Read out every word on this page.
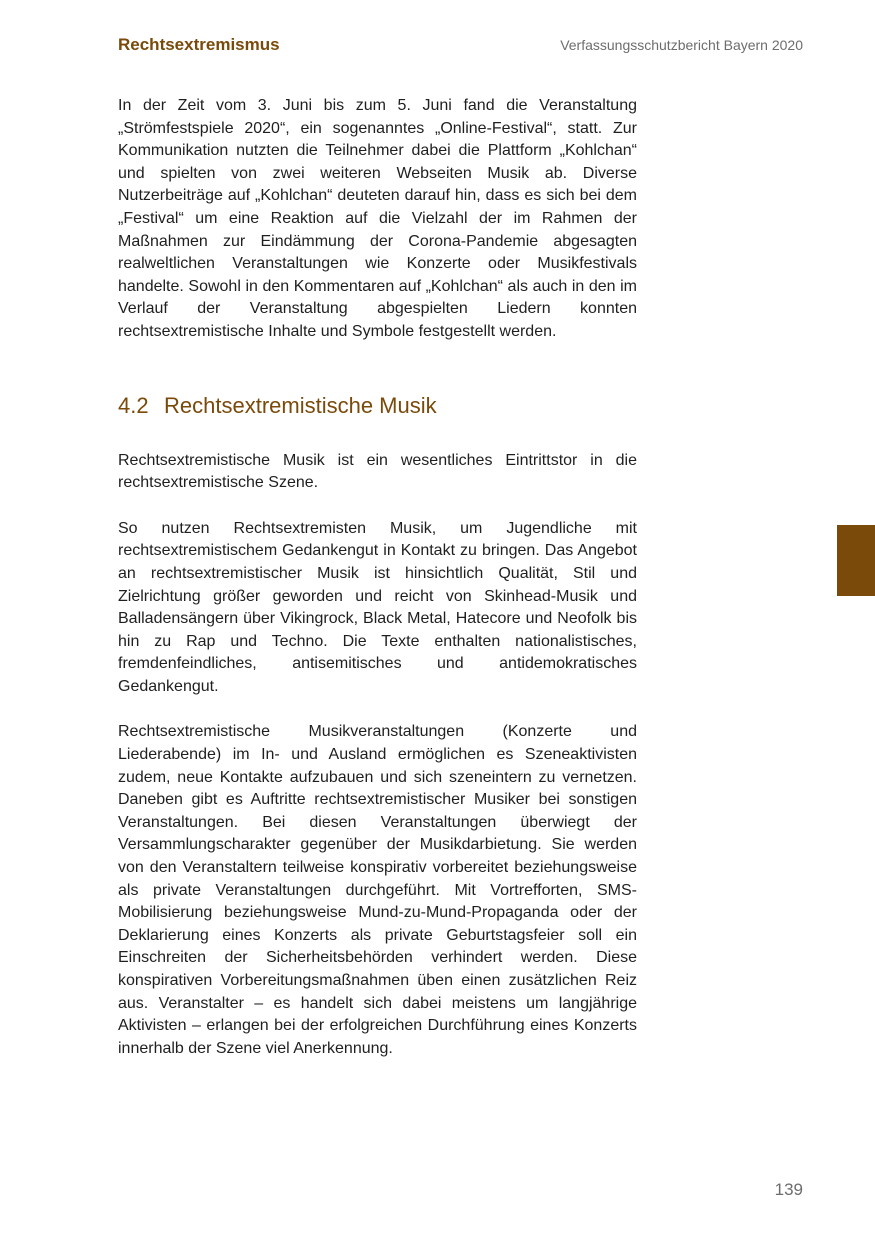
Rechtsextremismus	Verfassungsschutzbericht Bayern 2020

In der Zeit vom 3. Juni bis zum 5. Juni fand die Veranstaltung „Strömfestspiele 2020“, ein sogenanntes „Online-Festival“, statt. Zur Kommunikation nutzten die Teilnehmer dabei die Plattform „Kohlchan“ und spielten von zwei weiteren Webseiten Musik ab. Diverse Nutzerbeiträge auf „Kohlchan“ deuteten darauf hin, dass es sich bei dem „Festival“ um eine Reaktion auf die Vielzahl der im Rahmen der Maßnahmen zur Eindämmung der Corona-Pandemie abgesagten realweltlichen Veranstaltungen wie Konzerte oder Musikfestivals handelte. Sowohl in den Kommentaren auf „Kohlchan“ als auch in den im Verlauf der Veranstaltung abgespielten Liedern konnten rechtsextremistische Inhalte und Symbole festgestellt werden.

4.2 Rechtsextremistische Musik

Rechtsextremistische Musik ist ein wesentliches Eintrittstor in die rechtsextremistische Szene.

So nutzen Rechtsextremisten Musik, um Jugendliche mit rechtsextremistischem Gedankengut in Kontakt zu bringen. Das Angebot an rechtsextremistischer Musik ist hinsichtlich Qualität, Stil und Zielrichtung größer geworden und reicht von Skinhead-Musik und Balladensängern über Vikingrock, Black Metal, Hatecore und Neofolk bis hin zu Rap und Techno. Die Texte enthalten nationalistisches, fremdenfeindliches, antisemitisches und antidemokratisches Gedankengut.

Rechtsextremistische Musikveranstaltungen (Konzerte und Liederabende) im In- und Ausland ermöglichen es Szeneaktivisten zudem, neue Kontakte aufzubauen und sich szeneintern zu vernetzen. Daneben gibt es Auftritte rechtsextremistischer Musiker bei sonstigen Veranstaltungen. Bei diesen Veranstaltungen überwiegt der Versammlungscharakter gegenüber der Musikdarbietung. Sie werden von den Veranstaltern teilweise konspirativ vorbereitet beziehungsweise als private Veranstaltungen durchgeführt. Mit Vortrefforten, SMS-Mobilisierung beziehungsweise Mund-zu-Mund-Propaganda oder der Deklarierung eines Konzerts als private Geburtstagsfeier soll ein Einschreiten der Sicherheitsbehörden verhindert werden. Diese konspirativen Vorbereitungsmaßnahmen üben einen zusätzlichen Reiz aus. Veranstalter – es handelt sich dabei meistens um langjährige Aktivisten – erlangen bei der erfolgreichen Durchführung eines Konzerts innerhalb der Szene viel Anerkennung.

139
